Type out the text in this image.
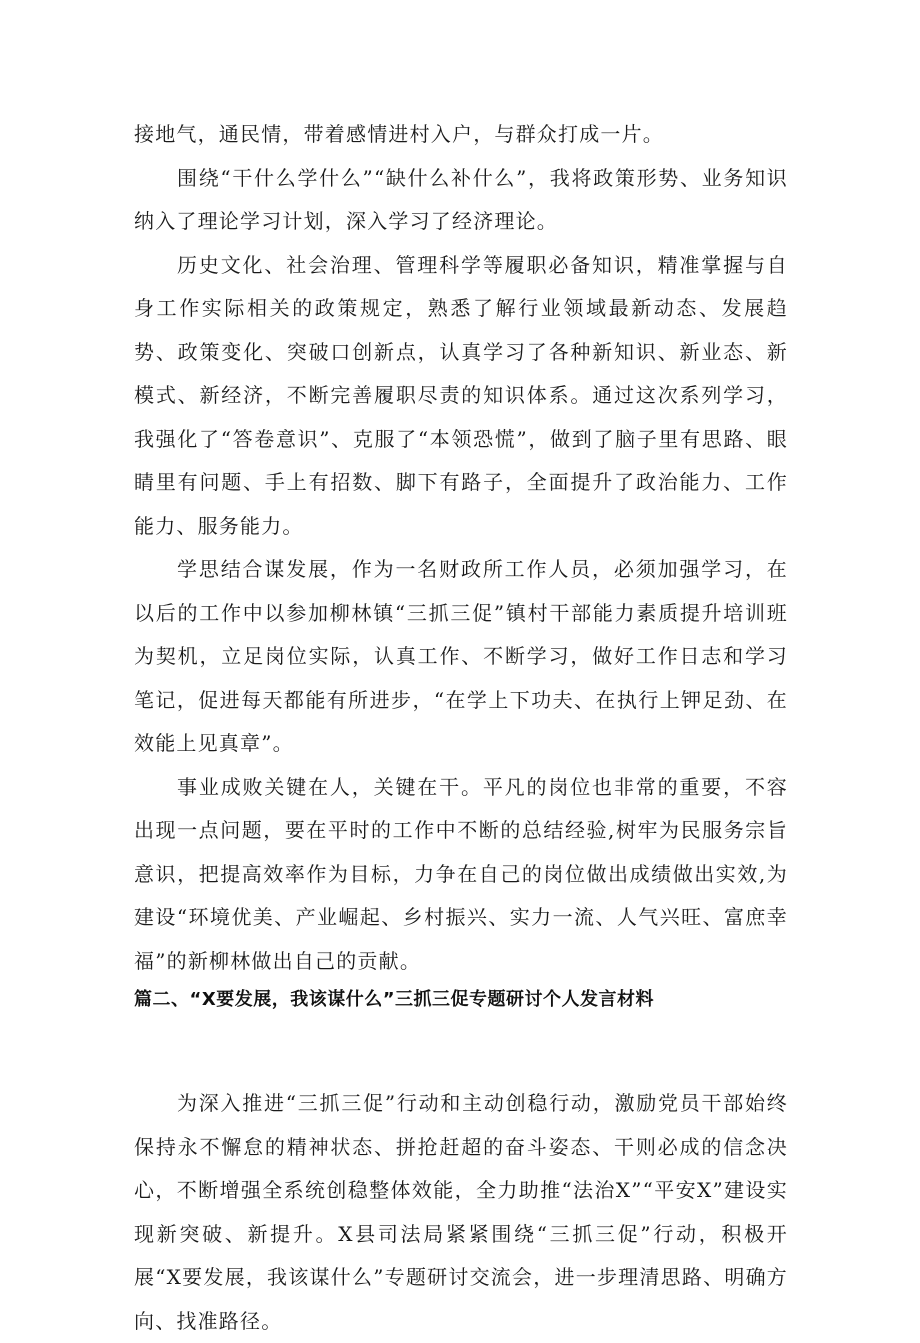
接地气，通民情，带着感情进村入户，与群众打成一片。

围绕“干什么学什么”“缺什么补什么”，我将政策形势、业务知识纳入了理论学习计划，深入学习了经济理论。

历史文化、社会治理、管理科学等履职必备知识，精准掌握与自身工作实际相关的政策规定，熟悉了解行业领域最新动态、发展趋势、政策变化、突破口创新点，认真学习了各种新知识、新业态、新模式、新经济，不断完善履职尽责的知识体系。通过这次系列学习，我强化了“答卷意识”、克服了“本领恐慌”，做到了脑子里有思路、眼睛里有问题、手上有招数、脚下有路子，全面提升了政治能力、工作能力、服务能力。

学思结合谋发展，作为一名财政所工作人员，必须加强学习，在以后的工作中以参加柳林镇“三抓三促”镇村干部能力素质提升培训班为契机，立足岗位实际，认真工作、不断学习，做好工作日志和学习笔记，促进每天都能有所进步，“在学上下功夫、在执行上钾足劲、在效能上见真章”。

事业成败关键在人，关键在干。平凡的岗位也非常的重要，不容出现一点问题，要在平时的工作中不断的总结经验,树牢为民服务宗旨意识，把提高效率作为目标，力争在自己的岗位做出成绩做出实效,为建设“环境优美、产业崛起、乡村振兴、实力一流、人气兴旺、富庶幸福”的新柳林做出自己的贡献。

篇二、“X要发展，我该谋什么”三抓三促专题研讨个人发言材料

为深入推进“三抓三促”行动和主动创稳行动，激励党员干部始终保持永不懈怠的精神状态、拼抢赶超的奋斗姿态、干则必成的信念决心，不断增强全系统创稳整体效能，全力助推“法治X”“平安X”建设实现新突破、新提升。X县司法局紧紧围绕“三抓三促”行动，积极开展“X要发展，我该谋什么”专题研讨交流会，进一步理清思路、明确方向、找准路径。
